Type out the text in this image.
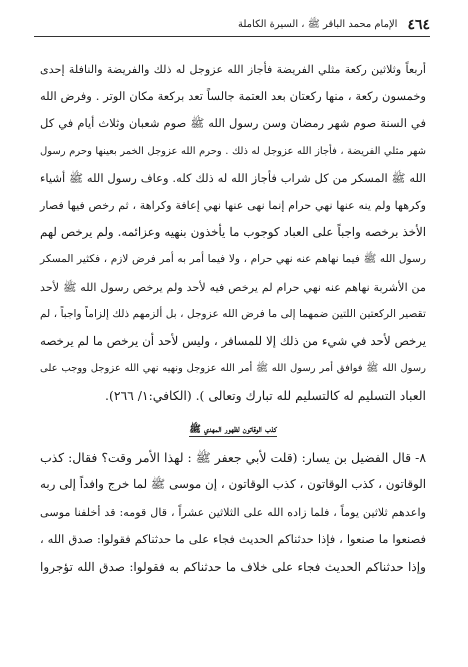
٤٦٤
الإمام محمد الباقر ﷺ ، السيرة الكاملة

أربعاً وثلاثين ركعة مثلي الفريضة فأجاز الله عزوجل له ذلك والفريضة والنافلة إحدى

وخمسون ركعة ، منها ركعتان بعد العتمة جالساً تعد بركعة مكان الوتر . وفرض الله

في السنة صوم شهر رمضان وسن رسول الله ﷺ صوم شعبان وثلاث أيام في كل

شهر مثلي الفريضة ، فأجاز الله عزوجل له ذلك . وحرم الله عزوجل الخمر بعينها وحرم رسول

الله ﷺ المسكر من كل شراب فأجاز الله له ذلك كله. وعاف رسول الله ﷺ أشياء

وكرهها ولم ينه عنها نهي حرام إنما نهى عنها نهي إعافة وكراهة ، ثم رخص فيها فصار

الأخذ برخصه واجباً على العباد كوجوب ما يأخذون بنهيه وعزائمه. ولم يرخص لهم

رسول الله ﷺ فيما نهاهم عنه نهي حرام ، ولا فيما أمر به أمر فرض لازم ، فكثير المسكر

من الأشربة نهاهم عنه نهي حرام لم يرخص فيه لأحد ولم يرخص رسول الله ﷺ لأحد

تقصير الركعتين اللتين ضمهما إلى ما فرض الله عزوجل ، بل ألزمهم ذلك إلزاماً واجباً ، لم

يرخص لأحد في شيء من ذلك إلا للمسافر ، وليس لأحد أن يرخص ما لم يرخصه

رسول الله ﷺ فوافق أمر رسول الله ﷺ أمر الله عزوجل ونهيه نهي الله عزوجل ووجب على

العباد التسليم له كالتسليم لله تبارك وتعالى ). (الكافي:١/ ٢٦٦).

كذب الوقاتون لظهور المهدي ﷺ

٨- قال الفضيل بن يسار: (قلت لأبي جعفر ﷺ : لهذا الأمر وقت؟ فقال: كذب

الوقاتون ، كذب الوقاتون ، كذب الوقاتون ، إن موسى ﷺ لما خرج وافداً إلى ربه

واعدهم ثلاثين يوماً ، فلما زاده الله على الثلاثين عشراً ، قال قومه: قد أخلفنا موسى

فصنعوا ما صنعوا ، فإذا حدثناكم الحديث فجاء على ما حدثناكم فقولوا: صدق الله ،

وإذا حدثناكم الحديث فجاء على خلاف ما حدثناكم به فقولوا: صدق الله تؤجروا
